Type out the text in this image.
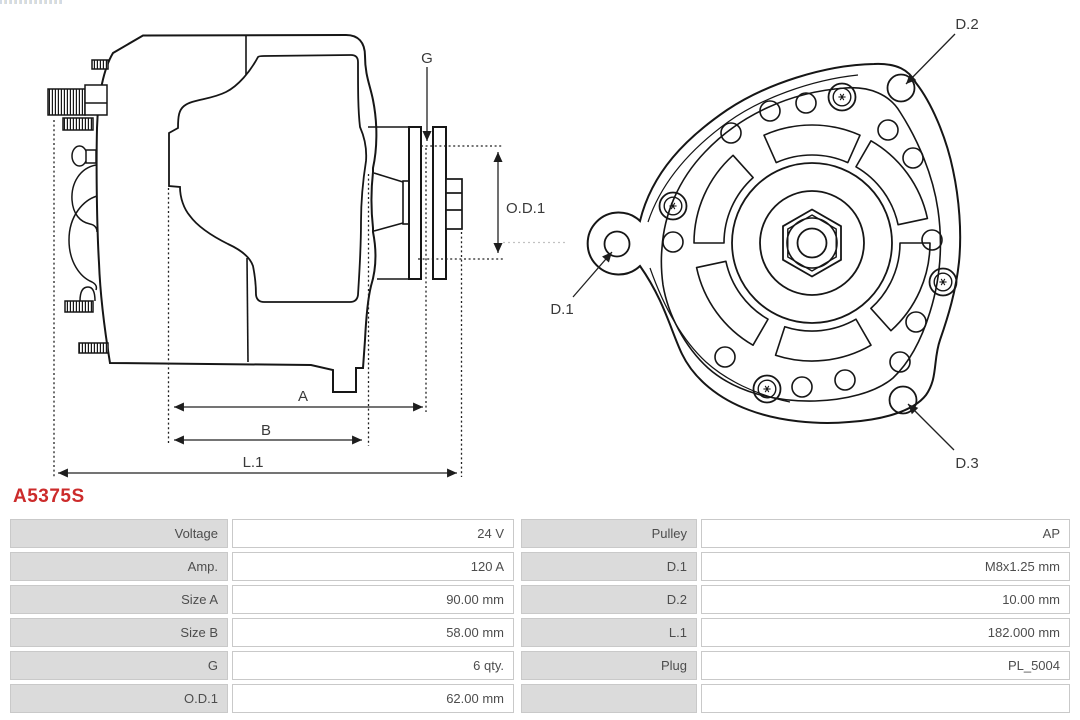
G
O.D.1
A
B
L.1
D.1
D.2
D.3
A5375S
Voltage	24 V	Pulley	AP
Amp.	120 A	D.1	M8x1.25 mm
Size A	90.00 mm	D.2	10.00 mm
Size B	58.00 mm	L.1	182.000 mm
G	6 qty.	Plug	PL_5004
O.D.1	62.00 mm
